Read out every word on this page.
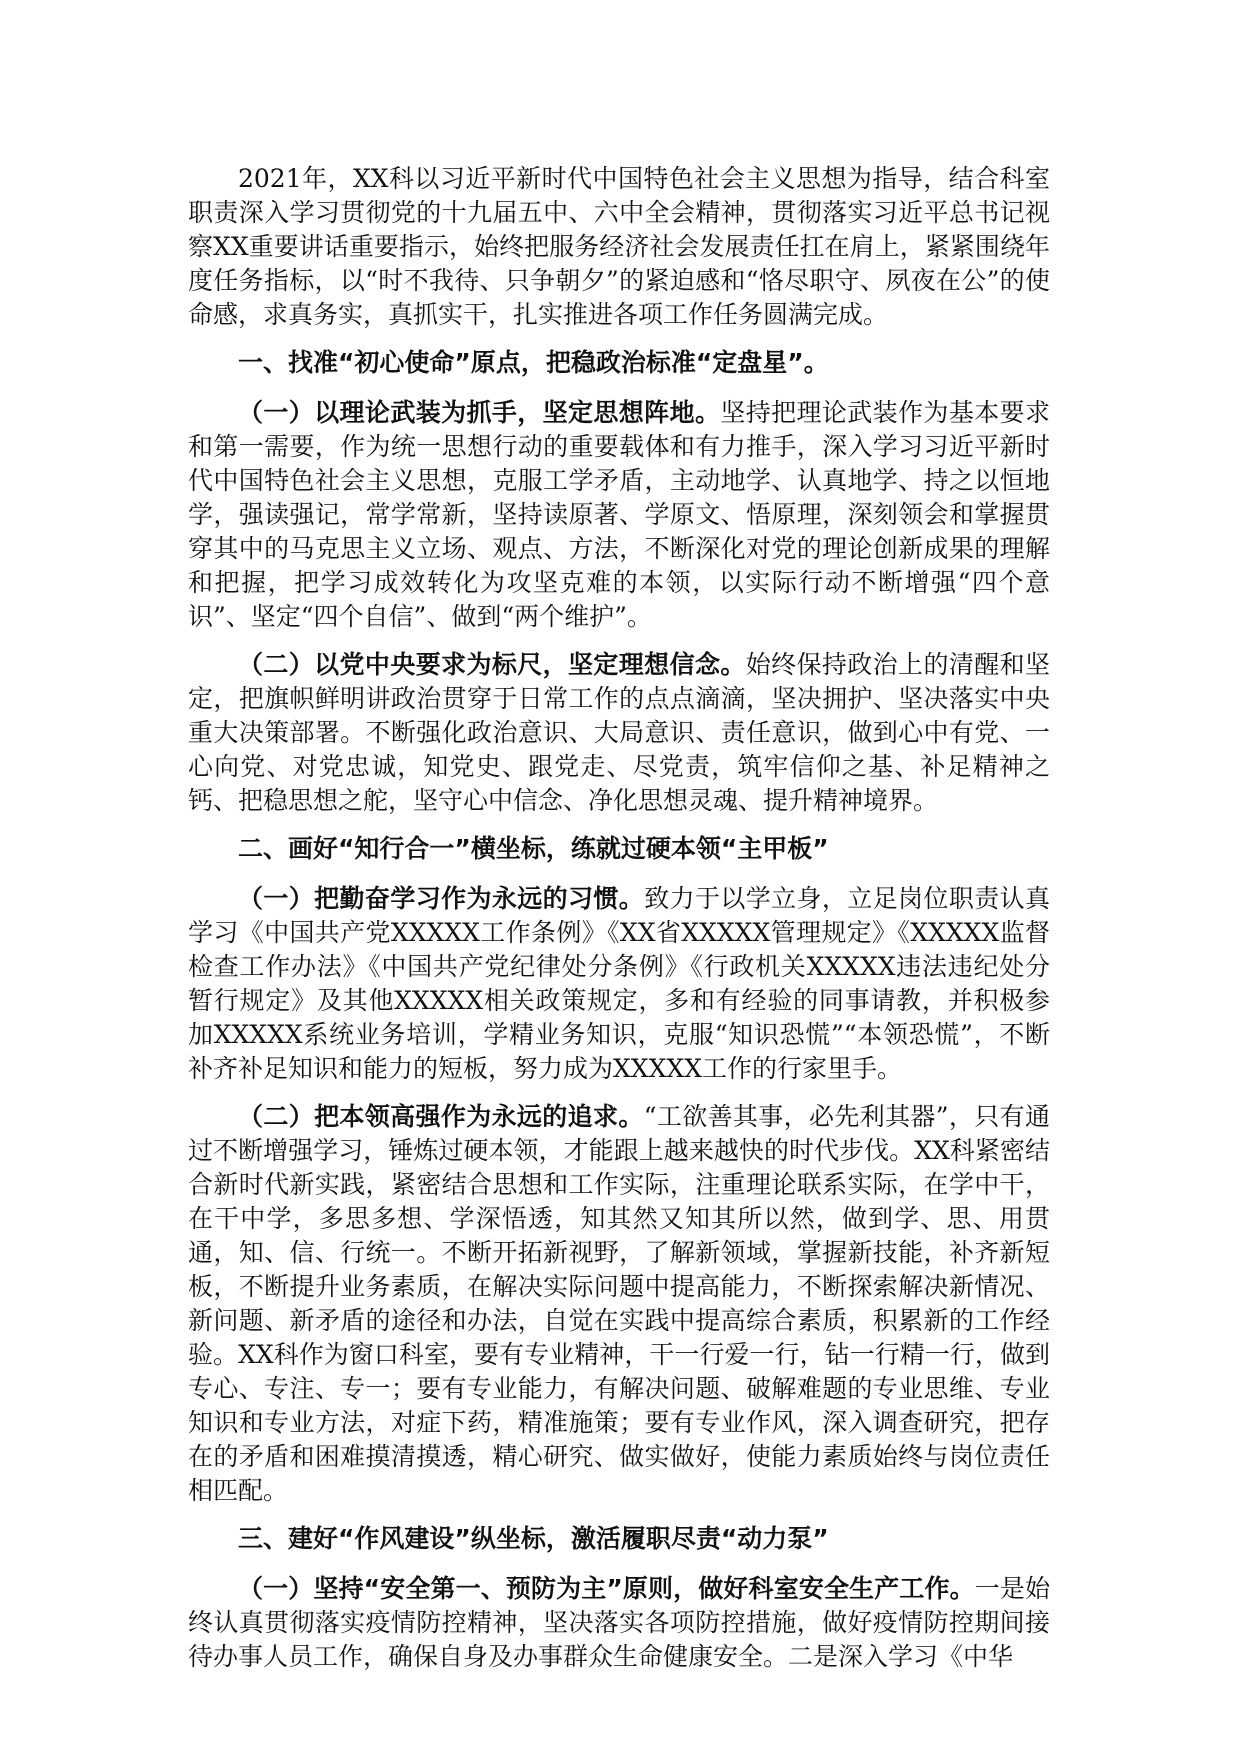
2021年，XX科以习近平新时代中国特色社会主义思想为指导，结合科室职责深入学习贯彻党的十九届五中、六中全会精神，贯彻落实习近平总书记视察XX重要讲话重要指示，始终把服务经济社会发展责任扛在肩上，紧紧围绕年度任务指标，以“时不我待、只争朝夕”的紧迫感和“恪尽职守、夙夜在公”的使命感，求真务实，真抓实干，扎实推进各项工作任务圆满完成。

一、找准“初心使命”原点，把稳政治标准“定盘星”。

（一）以理论武装为抓手，坚定思想阵地。坚持把理论武装作为基本要求和第一需要，作为统一思想行动的重要载体和有力推手，深入学习习近平新时代中国特色社会主义思想，克服工学矛盾，主动地学、认真地学、持之以恒地学，强读强记，常学常新，坚持读原著、学原文、悟原理，深刻领会和掌握贯穿其中的马克思主义立场、观点、方法，不断深化对党的理论创新成果的理解和把握，把学习成效转化为攻坚克难的本领，以实际行动不断增强“四个意识”、坚定“四个自信”、做到“两个维护”。

（二）以党中央要求为标尺，坚定理想信念。始终保持政治上的清醒和坚定，把旗帜鲜明讲政治贯穿于日常工作的点点滴滴，坚决拥护、坚决落实中央重大决策部署。不断强化政治意识、大局意识、责任意识，做到心中有党、一心向党、对党忠诚，知党史、跟党走、尽党责，筑牢信仰之基、补足精神之钙、把稳思想之舵，坚守心中信念、净化思想灵魂、提升精神境界。

二、画好“知行合一”横坐标，练就过硬本领“主甲板”

（一）把勤奋学习作为永远的习惯。致力于以学立身，立足岗位职责认真学习《中国共产党XXXXX工作条例》《XX省XXXXX管理规定》《XXXXX监督检查工作办法》《中国共产党纪律处分条例》《行政机关XXXXX违法违纪处分暂行规定》及其他XXXXX相关政策规定，多和有经验的同事请教，并积极参加XXXXX系统业务培训，学精业务知识，克服“知识恐慌”“本领恐慌”，不断补齐补足知识和能力的短板，努力成为XXXXX工作的行家里手。

（二）把本领高强作为永远的追求。“工欲善其事，必先利其器”，只有通过不断增强学习，锤炼过硬本领，才能跟上越来越快的时代步伐。XX科紧密结合新时代新实践，紧密结合思想和工作实际，注重理论联系实际，在学中干，在干中学，多思多想、学深悟透，知其然又知其所以然，做到学、思、用贯通，知、信、行统一。不断开拓新视野，了解新领域，掌握新技能，补齐新短板，不断提升业务素质，在解决实际问题中提高能力，不断探索解决新情况、新问题、新矛盾的途径和办法，自觉在实践中提高综合素质，积累新的工作经验。XX科作为窗口科室，要有专业精神，干一行爱一行，钻一行精一行，做到专心、专注、专一；要有专业能力，有解决问题、破解难题的专业思维、专业知识和专业方法，对症下药，精准施策；要有专业作风，深入调查研究，把存在的矛盾和困难摸清摸透，精心研究、做实做好，使能力素质始终与岗位责任相匹配。

三、建好“作风建设”纵坐标，激活履职尽责“动力泵”

（一）坚持“安全第一、预防为主”原则，做好科室安全生产工作。一是始终认真贯彻落实疫情防控精神，坚决落实各项防控措施，做好疫情防控期间接待办事人员工作，确保自身及办事群众生命健康安全。二是深入学习《中华
